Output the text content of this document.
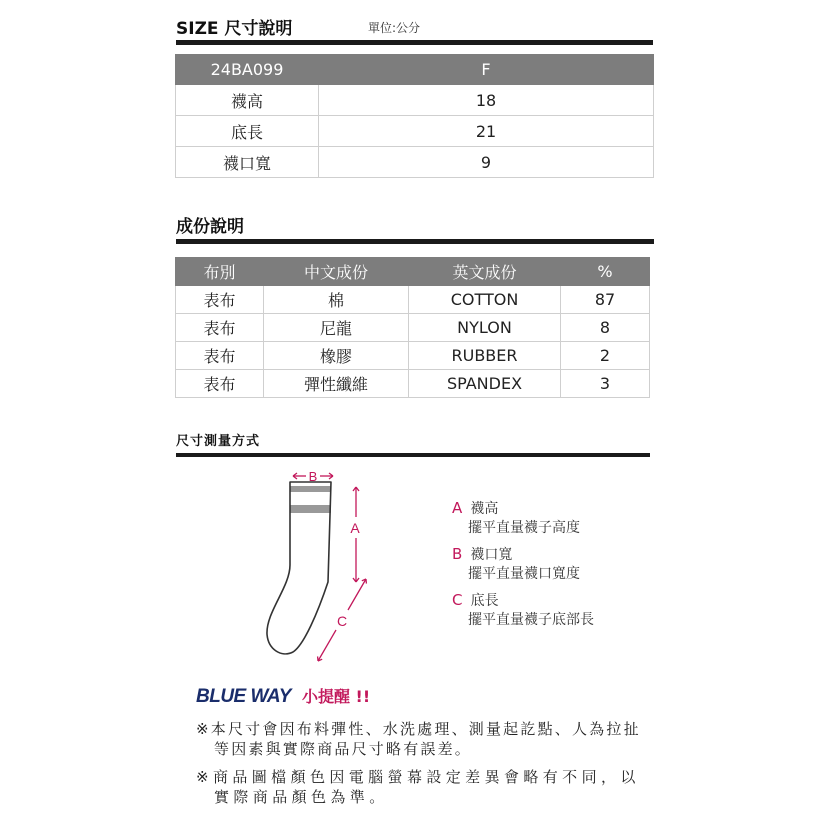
SIZE 尺寸說明	單位:公分
24BA099	F
襪高	18
底長	21
襪口寬	9
成份說明
布別	中文成份	英文成份	%
表布	棉	COTTON	87
表布	尼龍	NYLON	8
表布	橡膠	RUBBER	2
表布	彈性纖維	SPANDEX	3
尺寸測量方式
B
A
C
A 襪高
擺平直量襪子高度
B 襪口寬
擺平直量襪口寬度
C 底長
擺平直量襪子底部長
BLUE WAY 小提醒 !!
※本尺寸會因布料彈性、水洗處理、測量起訖點、人為拉扯
等因素與實際商品尺寸略有誤差。
※商品圖檔顏色因電腦螢幕設定差異會略有不同，以
實際商品顏色為準。
